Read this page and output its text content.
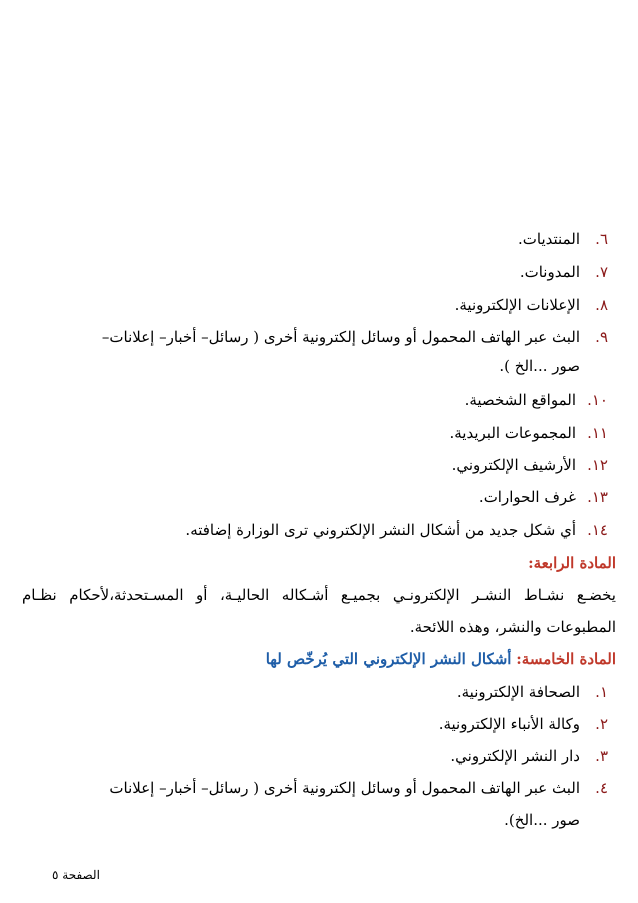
٦.المنتديات.
٧.المدونات.
٨.الإعلانات الإلكترونية.
٩.البث عبر الهاتف المحمول أو وسائل إلكترونية أخرى ( رسائل– أخبار– إعلانات–
صور ...الخ ).
١٠.المواقع الشخصية.
١١.المجموعات البريدية.
١٢.الأرشيف الإلكتروني.
١٣.غرف الحوارات.
١٤.أي شكل جديد من أشكال النشر الإلكتروني ترى الوزارة إضافته.
المادة الرابعة:
يخضـع نشـاط النشـر الإلكترونـي بجميـع أشـكاله الحاليـة، أو المسـتحدثة،لأحكام نظـام
المطبوعات والنشر، وهذه اللائحة.
المادة الخامسة: أشكال النشر الإلكتروني التي يُرخّص لها
١.الصحافة الإلكترونية.
٢.وكالة الأنباء الإلكترونية.
٣.دار النشر الإلكتروني.
٤.البث عبر الهاتف المحمول أو وسائل إلكترونية أخرى ( رسائل– أخبار– إعلانات
صور ...الخ).
الصفحة ٥
